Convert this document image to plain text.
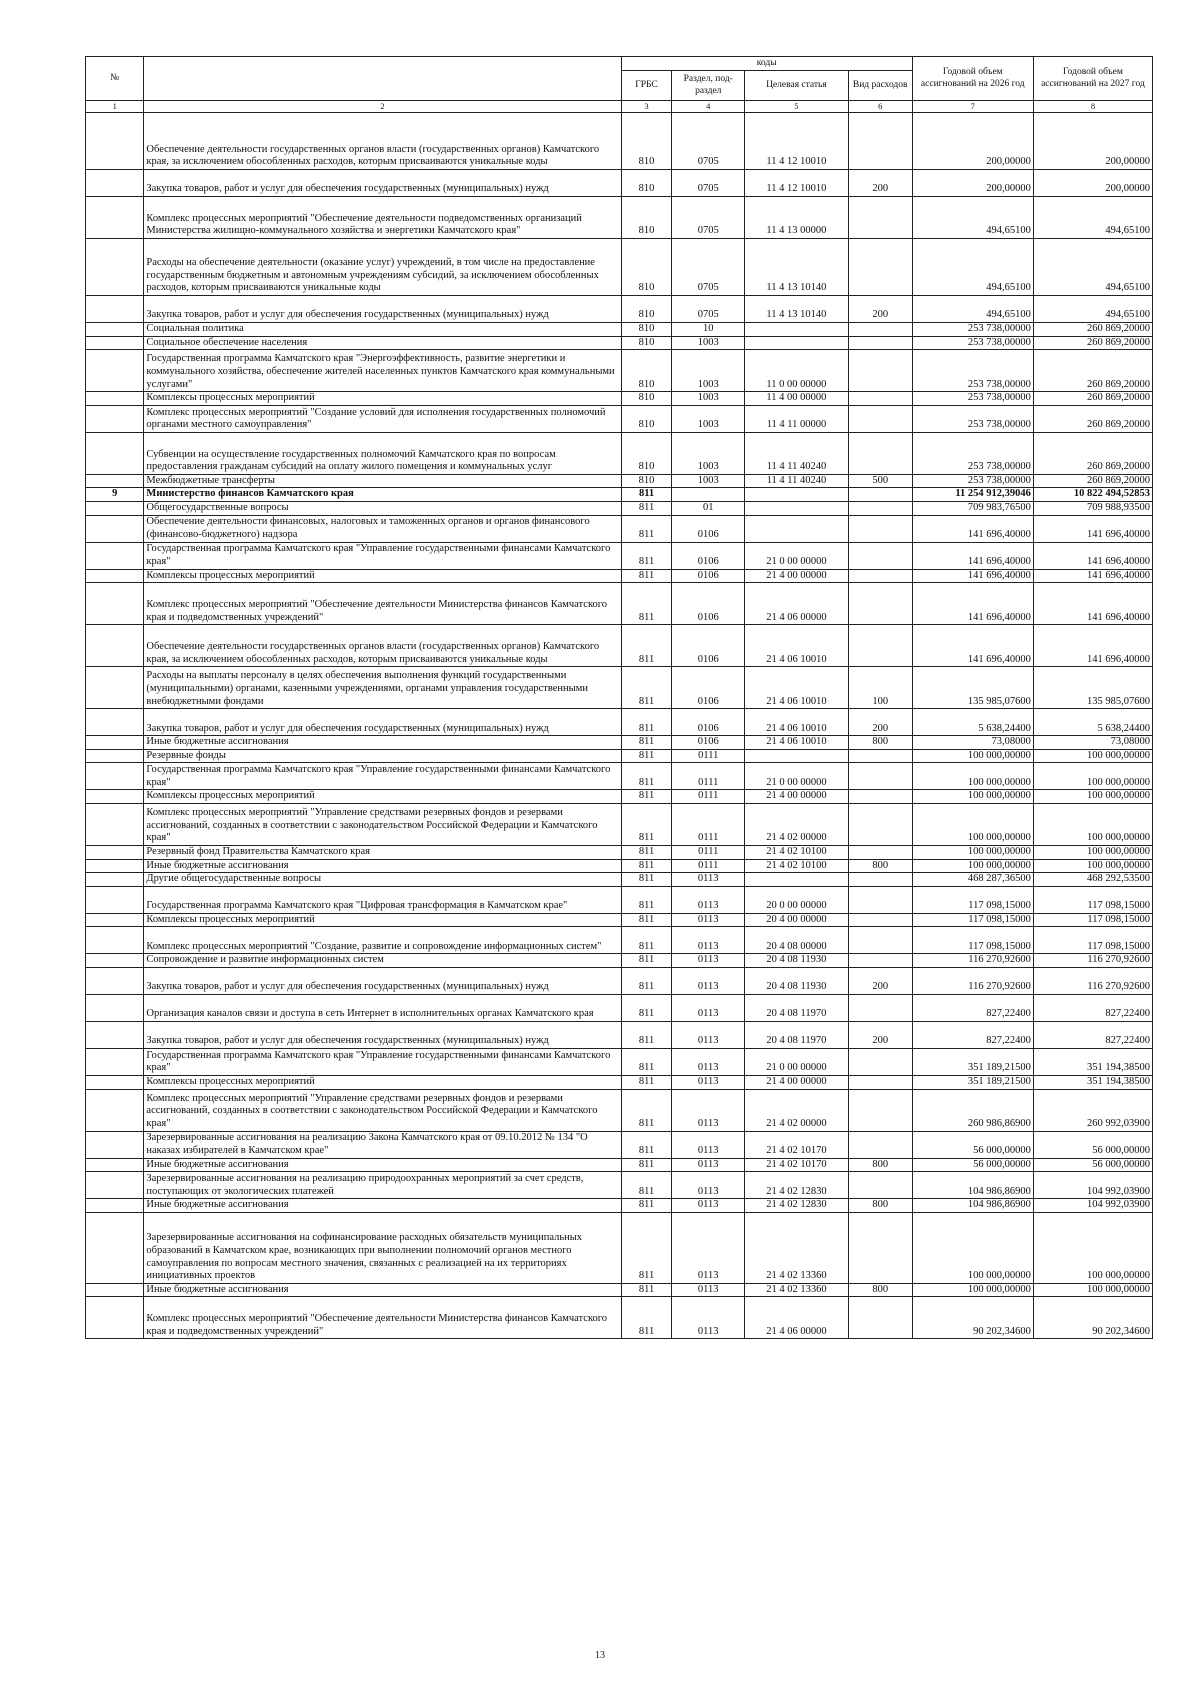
№		коды				Годовой объем ассигнований на 2026 год	Годовой объем ассигнований на 2027 год
		ГРБС	Раздел, под- раздел	Целевая статья	Вид расходов		
1	2	3	4	5	6	7	8
	Обеспечение деятельности государственных органов власти (государственных органов) Камчатского края, за исключением обособленных расходов, которым присваиваются уникальные коды	810	0705	11 4 12 10010		200,00000	200,00000
	Закупка товаров, работ и услуг для обеспечения государственных (муниципальных) нужд	810	0705	11 4 12 10010	200	200,00000	200,00000
	Комплекс процессных мероприятий "Обеспечение деятельности подведомственных организаций Министерства жилищно-коммунального хозяйства и энергетики Камчатского края"	810	0705	11 4 13 00000		494,65100	494,65100
	Расходы на обеспечение деятельности (оказание услуг) учреждений, в том числе на предоставление государственным бюджетным и автономным учреждениям субсидий, за исключением обособленных расходов, которым присваиваются уникальные коды	810	0705	11 4 13 10140		494,65100	494,65100
	Закупка товаров, работ и услуг для обеспечения государственных (муниципальных) нужд	810	0705	11 4 13 10140	200	494,65100	494,65100
	Социальная политика	810	10			253 738,00000	260 869,20000
	Социальное обеспечение населения	810	1003			253 738,00000	260 869,20000
	Государственная программа Камчатского края "Энергоэффективность, развитие энергетики и коммунального хозяйства, обеспечение жителей населенных пунктов Камчатского края коммунальными услугами"	810	1003	11 0 00 00000		253 738,00000	260 869,20000
	Комплексы процессных мероприятий	810	1003	11 4 00 00000		253 738,00000	260 869,20000
	Комплекс процессных мероприятий "Создание условий для исполнения государственных полномочий органами местного самоуправления"	810	1003	11 4 11 00000		253 738,00000	260 869,20000
	Субвенции на осуществление государственных полномочий Камчатского края по вопросам предоставления гражданам субсидий на оплату жилого помещения и коммунальных услуг	810	1003	11 4 11 40240		253 738,00000	260 869,20000
	Межбюджетные трансферты	810	1003	11 4 11 40240	500	253 738,00000	260 869,20000
9	Министерство финансов Камчатского края	811				11 254 912,39046	10 822 494,52853
	Общегосударственные вопросы	811	01			709 983,76500	709 988,93500
	Обеспечение деятельности финансовых, налоговых и таможенных органов и органов финансового (финансово-бюджетного) надзора	811	0106			141 696,40000	141 696,40000
	Государственная программа Камчатского края "Управление государственными финансами Камчатского края"	811	0106	21 0 00 00000		141 696,40000	141 696,40000
	Комплексы процессных мероприятий	811	0106	21 4 00 00000		141 696,40000	141 696,40000
	Комплекс процессных мероприятий "Обеспечение деятельности Министерства финансов Камчатского края и подведомственных учреждений"	811	0106	21 4 06 00000		141 696,40000	141 696,40000
	Обеспечение деятельности государственных органов власти (государственных органов) Камчатского края, за исключением обособленных расходов, которым присваиваются уникальные коды	811	0106	21 4 06 10010		141 696,40000	141 696,40000
	Расходы на выплаты персоналу в целях обеспечения выполнения функций государственными (муниципальными) органами, казенными учреждениями, органами управления государственными внебюджетными фондами	811	0106	21 4 06 10010	100	135 985,07600	135 985,07600
	Закупка товаров, работ и услуг для обеспечения государственных (муниципальных) нужд	811	0106	21 4 06 10010	200	5 638,24400	5 638,24400
	Иные бюджетные ассигнования	811	0106	21 4 06 10010	800	73,08000	73,08000
	Резервные фонды	811	0111			100 000,00000	100 000,00000
	Государственная программа Камчатского края "Управление государственными финансами Камчатского края"	811	0111	21 0 00 00000		100 000,00000	100 000,00000
	Комплексы процессных мероприятий	811	0111	21 4 00 00000		100 000,00000	100 000,00000
	Комплекс процессных мероприятий "Управление средствами резервных фондов и резервами ассигнований, созданных в соответствии с законодательством Российской Федерации и Камчатского края"	811	0111	21 4 02 00000		100 000,00000	100 000,00000
	Резервный фонд Правительства Камчатского края	811	0111	21 4 02 10100		100 000,00000	100 000,00000
	Иные бюджетные ассигнования	811	0111	21 4 02 10100	800	100 000,00000	100 000,00000
	Другие общегосударственные вопросы	811	0113			468 287,36500	468 292,53500
	Государственная программа Камчатского края "Цифровая трансформация в Камчатском крае"	811	0113	20 0 00 00000		117 098,15000	117 098,15000
	Комплексы процессных мероприятий	811	0113	20 4 00 00000		117 098,15000	117 098,15000
	Комплекс процессных мероприятий "Создание, развитие и сопровождение информационных систем"	811	0113	20 4 08 00000		117 098,15000	117 098,15000
	Сопровождение и развитие информационных систем	811	0113	20 4 08 11930		116 270,92600	116 270,92600
	Закупка товаров, работ и услуг для обеспечения государственных (муниципальных) нужд	811	0113	20 4 08 11930	200	116 270,92600	116 270,92600
	Организация каналов связи и доступа в сеть Интернет в исполнительных органах Камчатского края	811	0113	20 4 08 11970		827,22400	827,22400
	Закупка товаров, работ и услуг для обеспечения государственных (муниципальных) нужд	811	0113	20 4 08 11970	200	827,22400	827,22400
	Государственная программа Камчатского края "Управление государственными финансами Камчатского края"	811	0113	21 0 00 00000		351 189,21500	351 194,38500
	Комплексы процессных мероприятий	811	0113	21 4 00 00000		351 189,21500	351 194,38500
	Комплекс процессных мероприятий "Управление средствами резервных фондов и резервами ассигнований, созданных в соответствии с законодательством Российской Федерации и Камчатского края"	811	0113	21 4 02 00000		260 986,86900	260 992,03900
	Зарезервированные ассигнования на реализацию Закона Камчатского края от 09.10.2012 № 134 "О наказах избирателей в Камчатском крае"	811	0113	21 4 02 10170		56 000,00000	56 000,00000
	Иные бюджетные ассигнования	811	0113	21 4 02 10170	800	56 000,00000	56 000,00000
	Зарезервированные ассигнования на реализацию природоохранных мероприятий за счет средств, поступающих от экологических платежей	811	0113	21 4 02 12830		104 986,86900	104 992,03900
	Иные бюджетные ассигнования	811	0113	21 4 02 12830	800	104 986,86900	104 992,03900
	Зарезервированные ассигнования на софинансирование расходных обязательств муниципальных образований в Камчатском крае, возникающих при выполнении полномочий органов местного самоуправления по вопросам местного значения, связанных с реализацией на их территориях инициативных проектов	811	0113	21 4 02 13360		100 000,00000	100 000,00000
	Иные бюджетные ассигнования	811	0113	21 4 02 13360	800	100 000,00000	100 000,00000
	Комплекс процессных мероприятий "Обеспечение деятельности Министерства финансов Камчатского края и подведомственных учреждений"	811	0113	21 4 06 00000		90 202,34600	90 202,34600
13
